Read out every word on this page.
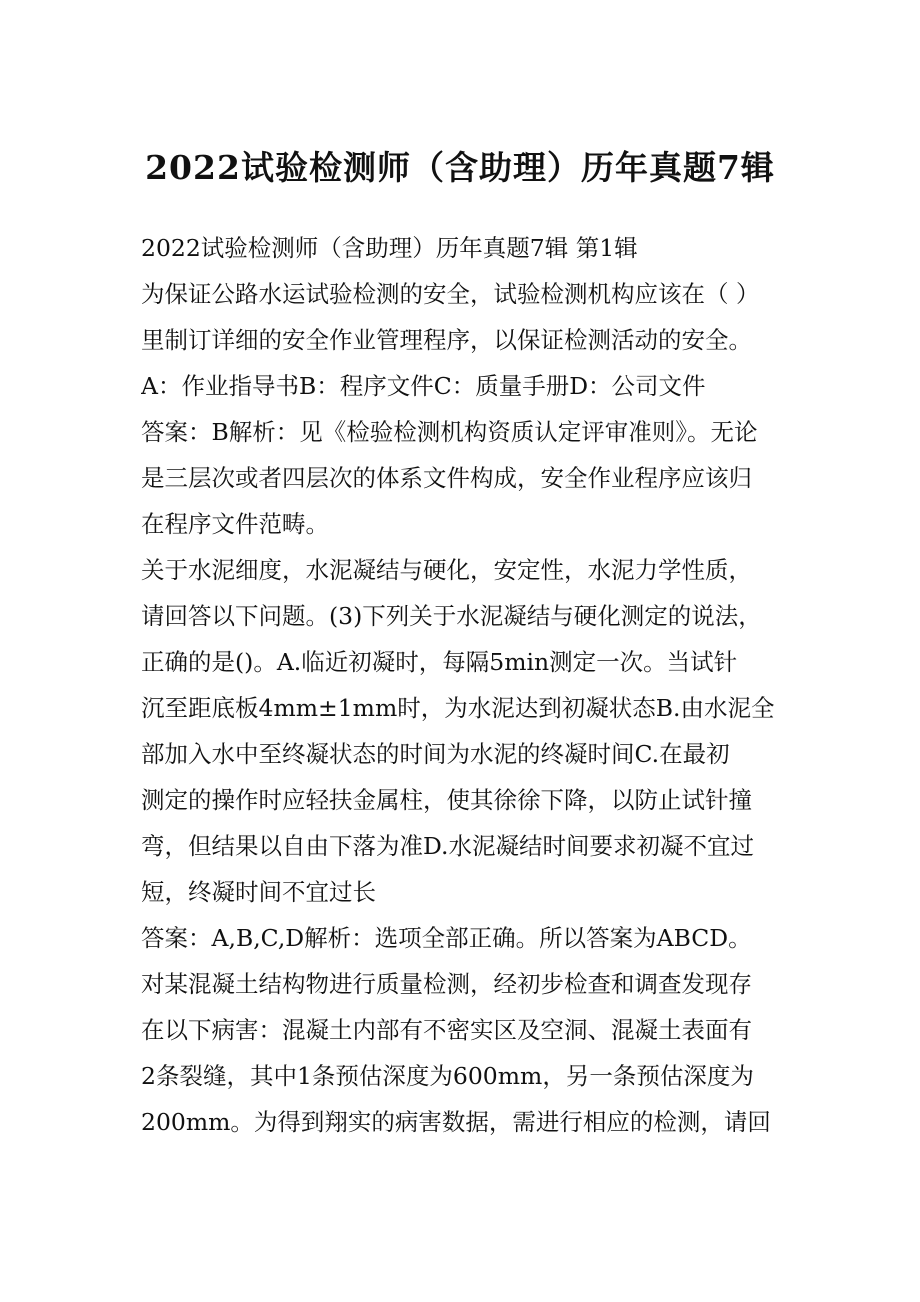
2022试验检测师（含助理）历年真题7辑
2022试验检测师（含助理）历年真题7辑 第1辑
为保证公路水运试验检测的安全，试验检测机构应该在（ ）
里制订详细的安全作业管理程序，以保证检测活动的安全。
A：作业指导书B：程序文件C：质量手册D：公司文件
答案：B解析：见《检验检测机构资质认定评审准则》。无论
是三层次或者四层次的体系文件构成，安全作业程序应该归
在程序文件范畴。
关于水泥细度，水泥凝结与硬化，安定性，水泥力学性质，
请回答以下问题。(3)下列关于水泥凝结与硬化测定的说法，
正确的是()。A.临近初凝时，每隔5min测定一次。当试针
沉至距底板4mm±1mm时，为水泥达到初凝状态B.由水泥全
部加入水中至终凝状态的时间为水泥的终凝时间C.在最初
测定的操作时应轻扶金属柱，使其徐徐下降，以防止试针撞
弯，但结果以自由下落为准D.水泥凝结时间要求初凝不宜过
短，终凝时间不宜过长
答案：A,B,C,D解析：选项全部正确。所以答案为ABCD。
对某混凝土结构物进行质量检测，经初步检查和调查发现存
在以下病害：混凝土内部有不密实区及空洞、混凝土表面有
2条裂缝，其中1条预估深度为600mm，另一条预估深度为
200mm。为得到翔实的病害数据，需进行相应的检测，请回
